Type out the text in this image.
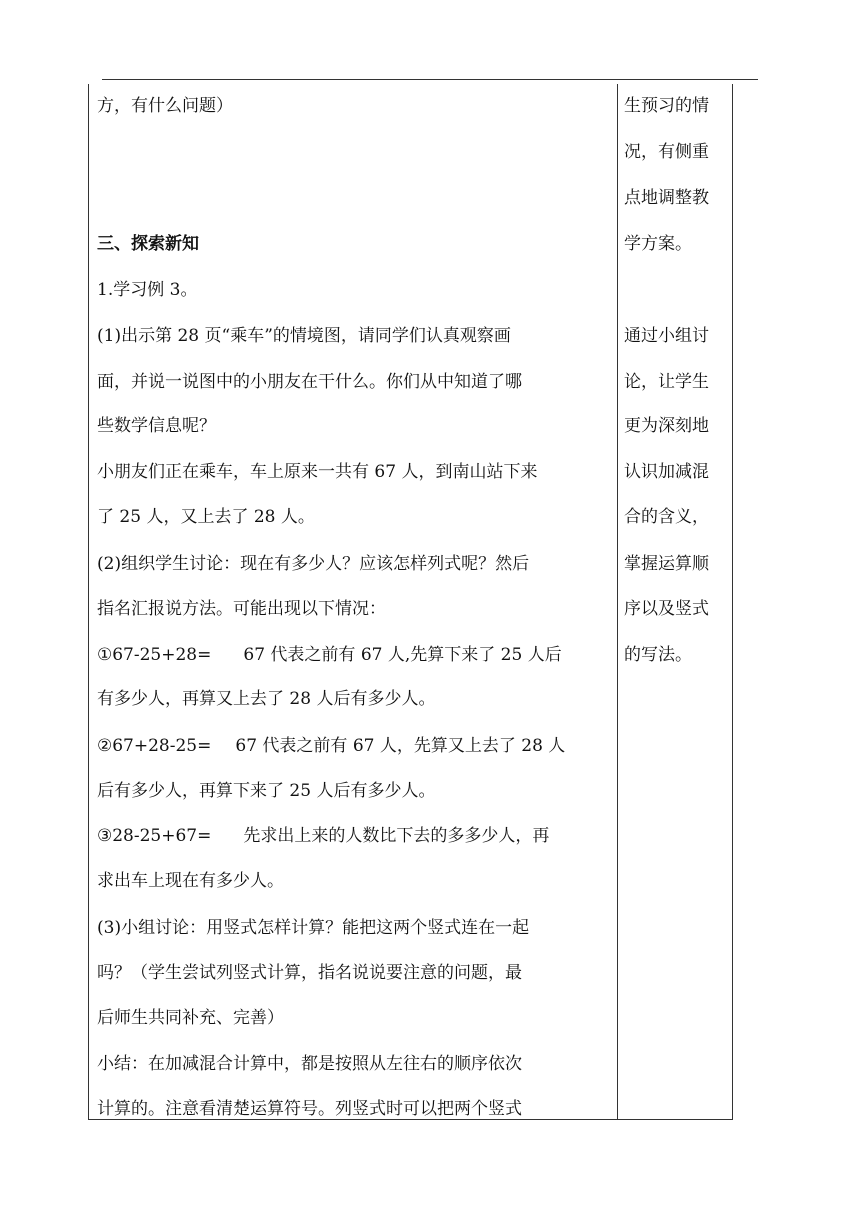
方，有什么问题）
三、探索新知
1.学习例 3。
(1)出示第 28 页“乘车”的情境图，请同学们认真观察画
面，并说一说图中的小朋友在干什么。你们从中知道了哪
些数学信息呢？
小朋友们正在乘车，车上原来一共有 67 人，到南山站下来
了 25 人，又上去了 28 人。
(2)组织学生讨论：现在有多少人？应该怎样列式呢？然后
指名汇报说方法。可能出现以下情况：
①67-25+28= 67 代表之前有 67 人,先算下来了 25 人后
有多少人，再算又上去了 28 人后有多少人。
②67+28-25= 67 代表之前有 67 人，先算又上去了 28 人
后有多少人，再算下来了 25 人后有多少人。
③28-25+67= 先求出上来的人数比下去的多多少人，再
求出车上现在有多少人。
(3)小组讨论：用竖式怎样计算？能把这两个竖式连在一起
吗？（学生尝试列竖式计算，指名说说要注意的问题，最
后师生共同补充、完善）
小结：在加减混合计算中，都是按照从左往右的顺序依次
计算的。注意看清楚运算符号。列竖式时可以把两个竖式
生预习的情
况，有侧重
点地调整教
学方案。
通过小组讨
论，让学生
更为深刻地
认识加减混
合的含义，
掌握运算顺
序以及竖式
的写法。
